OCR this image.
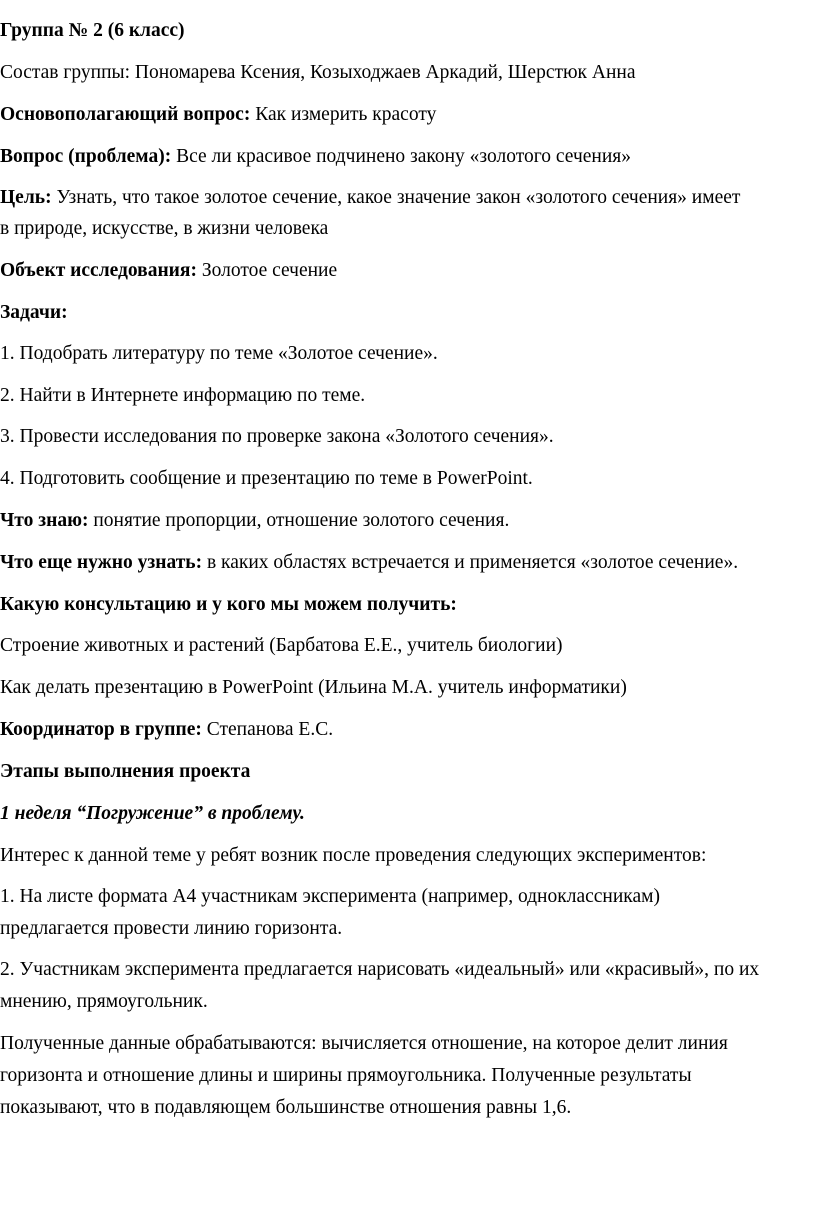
Группа № 2 (6 класс)
Состав группы: Пономарева Ксения, Козыходжаев Аркадий, Шерстюк Анна
Основополагающий вопрос: Как измерить красоту
Вопрос (проблема): Все ли красивое подчинено закону «золотого сечения»
Цель: Узнать, что такое золотое сечение, какое значение закон «золотого сечения» имеет
в природе, искусстве, в жизни человека
Объект исследования: Золотое сечение
Задачи:
1. Подобрать литературу по теме «Золотое сечение».
2. Найти в Интернете информацию по теме.
3. Провести исследования по проверке закона «Золотого сечения».
4. Подготовить сообщение и презентацию по теме в PowerPoint.
Что знаю: понятие пропорции, отношение золотого сечения.
Что еще нужно узнать: в каких областях встречается и применяется «золотое сечение».
Какую консультацию и у кого мы можем получить:
Строение животных и растений (Барбатова Е.Е., учитель биологии)
Как делать презентацию в PowerPoint (Ильина М.А. учитель информатики)
Координатор в группе: Степанова Е.С.
Этапы выполнения проекта
1 неделя “Погружение” в проблему.
Интерес к данной теме у ребят возник после проведения следующих экспериментов:
1. На листе формата А4 участникам эксперимента (например, одноклассникам)
предлагается провести линию горизонта.
2. Участникам эксперимента предлагается нарисовать «идеальный» или «красивый», по их
мнению, прямоугольник.
Полученные данные обрабатываются: вычисляется отношение, на которое делит линия
горизонта и отношение длины и ширины прямоугольника. Полученные результаты
показывают, что в подавляющем большинстве отношения равны 1,6.
